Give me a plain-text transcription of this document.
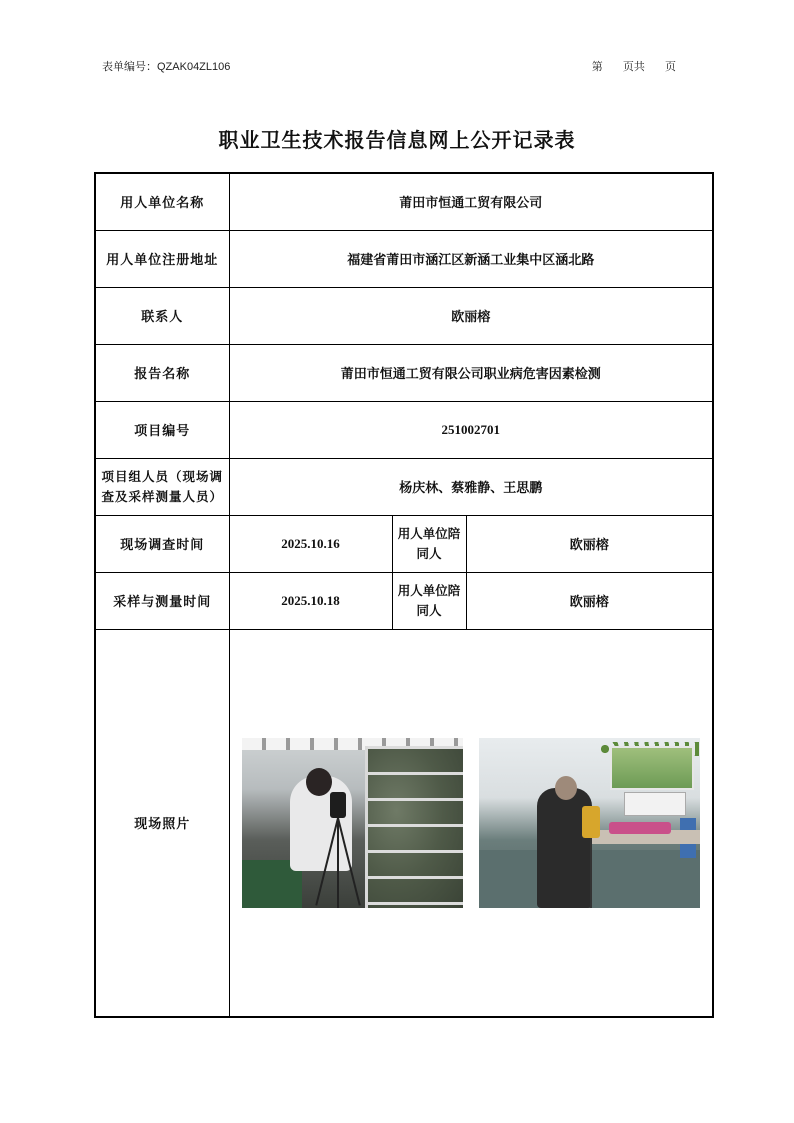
表单编号：QZAK04ZL106	第 页共 页
职业卫生技术报告信息网上公开记录表
用人单位名称	莆田市恒通工贸有限公司		
用人单位注册地址	福建省莆田市涵江区新涵工业集中区涵北路		
联系人	欧丽榕		
报告名称	莆田市恒通工贸有限公司职业病危害因素检测		
项目编号	251002701		
项目组人员（现场调查及采样测量人员）	杨庆林、蔡雅静、王思鹏		
现场调查时间	2025.10.16	用人单位陪同人	欧丽榕
采样与测量时间	2025.10.18	用人单位陪同人	欧丽榕
现场照片			
